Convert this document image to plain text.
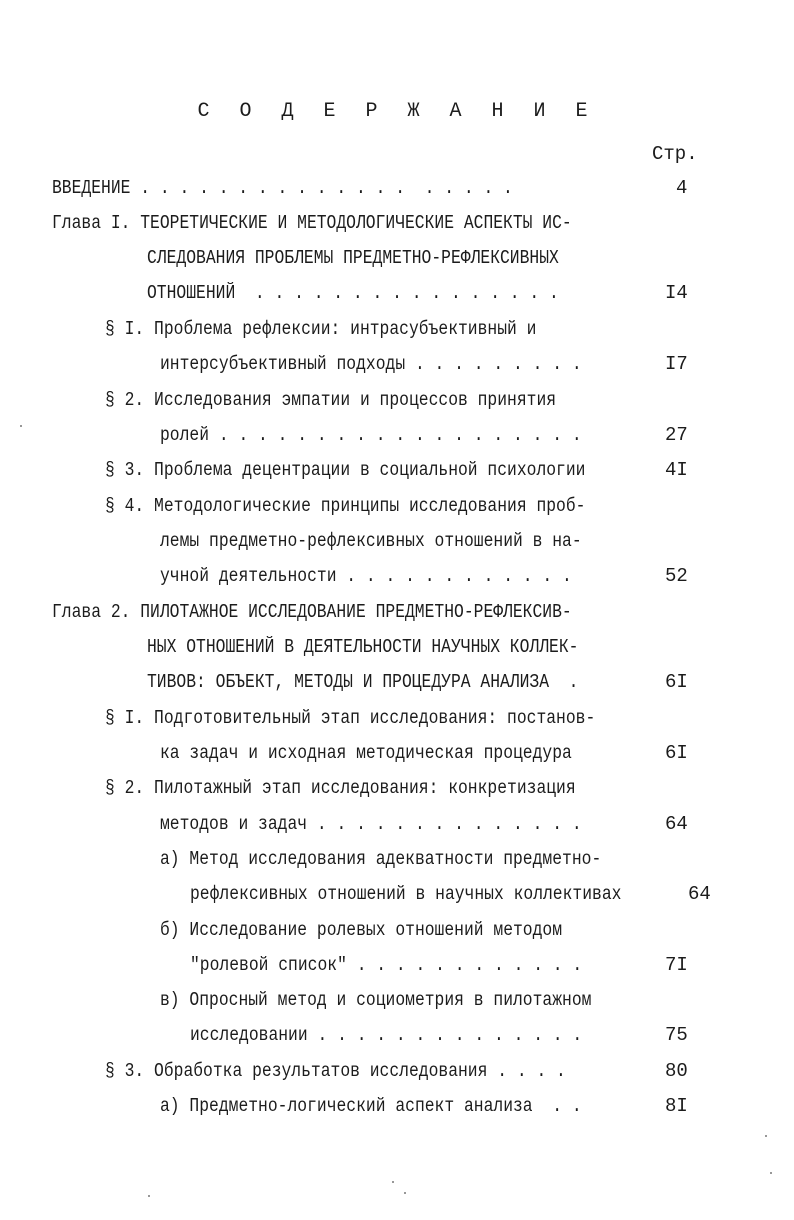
С О Д Е Р Ж А Н И Е
Стр.
ВВЕДЕНИЕ . . . . . . . . . . . . . .  . . . . .	4
Глава I. ТЕОРЕТИЧЕСКИЕ И МЕТОДОЛОГИЧЕСКИЕ АСПЕКТЫ ИС-
СЛЕДОВАНИЯ ПРОБЛЕМЫ ПРЕДМЕТНО-РЕФЛЕКСИВНЫХ
ОТНОШЕНИЙ  . . . . . . . . . . . . . . . .	I4
§ I. Проблема рефлексии: интрасубъективный и
интерсубъективный подходы . . . . . . . . .	I7
§ 2. Исследования эмпатии и процессов принятия
ролей . . . . . . . . . . . . . . . . . . .	27
§ 3. Проблема децентрации в социальной психологии	4I
§ 4. Методологические принципы исследования проб-
лемы предметно-рефлексивных отношений в на-
учной деятельности . . . . . . . . . . . .	52
Глава 2. ПИЛОТАЖНОЕ ИССЛЕДОВАНИЕ ПРЕДМЕТНО-РЕФЛЕКСИВ-
НЫХ ОТНОШЕНИЙ В ДЕЯТЕЛЬНОСТИ НАУЧНЫХ КОЛЛЕК-
ТИВОВ: ОБЪЕКТ, МЕТОДЫ И ПРОЦЕДУРА АНАЛИЗА  .	6I
§ I. Подготовительный этап исследования: постанов-
ка задач и исходная методическая процедура	6I
§ 2. Пилотажный этап исследования: конкретизация
методов и задач . . . . . . . . . . . . . .	64
а) Метод исследования адекватности предметно-
рефлексивных отношений в научных коллективах	64
б) Исследование ролевых отношений методом
"ролевой список" . . . . . . . . . . . .	7I
в) Опросный метод и социометрия в пилотажном
исследовании . . . . . . . . . . . . . .	75
§ 3. Обработка результатов исследования . . . .	80
а) Предметно-логический аспект анализа  . .	8I
